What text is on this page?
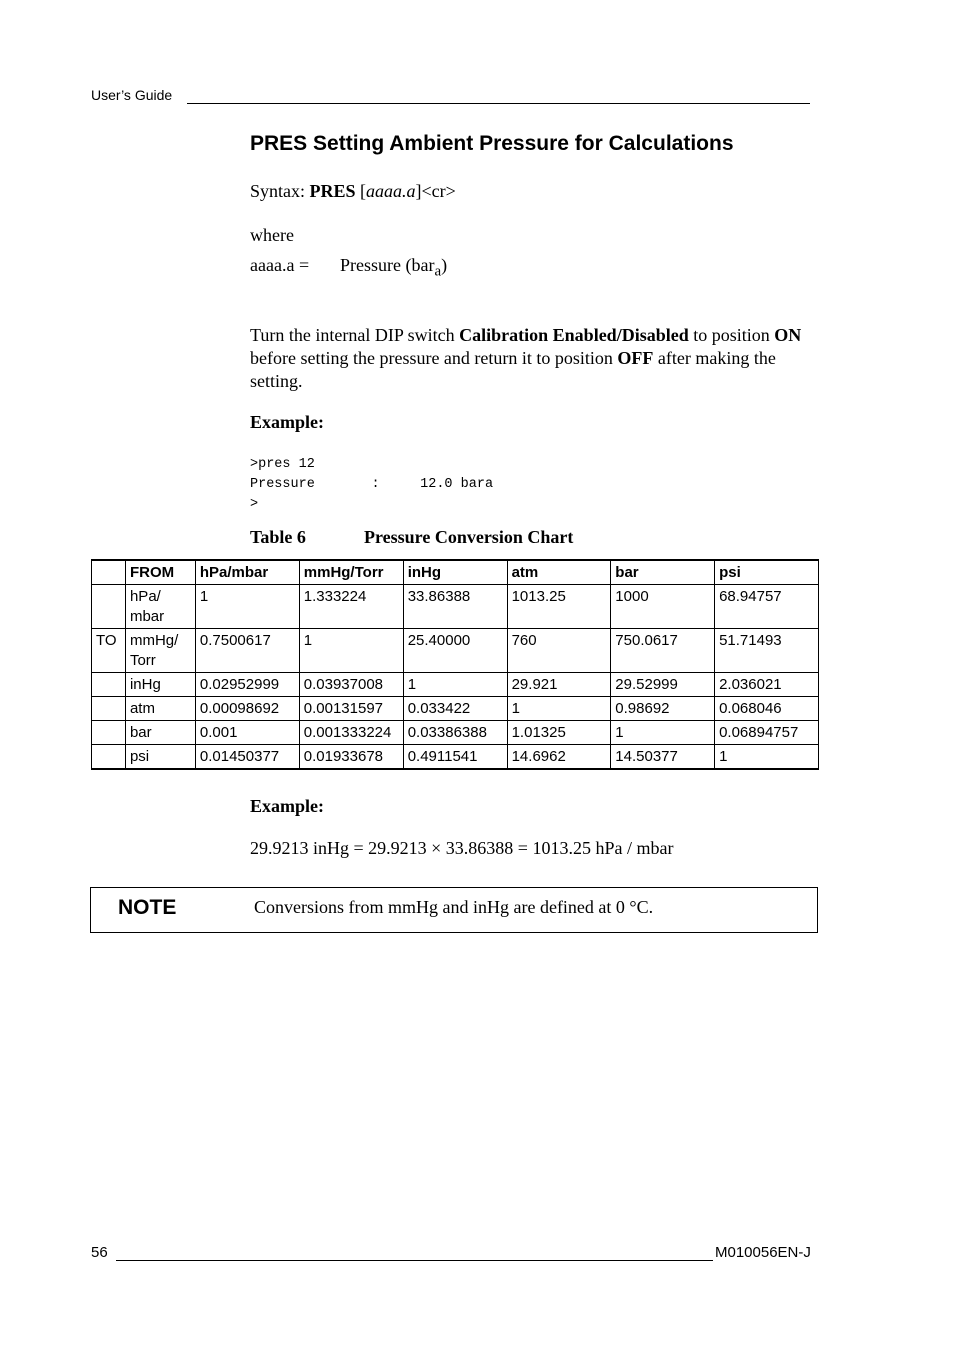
User’s Guide
PRES Setting Ambient Pressure for Calculations
Syntax: PRES [aaaa.a]<cr>
where
aaaa.a = Pressure (bar$_a$)
Turn the internal DIP switch Calibration Enabled/Disabled to position ON before setting the pressure and return it to position OFF after making the setting.
Example:
>pres 12
Pressure       :     12.0 bara
>
Table 6	Pressure Conversion Chart
	FROM	hPa/mbar	mmHg/Torr	inHg	atm	bar	psi
	hPa/
mbar	1	1.333224	33.86388	1013.25	1000	68.94757
TO	mmHg/
Torr	0.7500617	1	25.40000	760	750.0617	51.71493
	inHg	0.02952999	0.03937008	1	29.921	29.52999	2.036021
	atm	0.00098692	0.00131597	0.033422	1	0.98692	0.068046
	bar	0.001	0.001333224	0.03386388	1.01325	1	0.06894757
	psi	0.01450377	0.01933678	0.4911541	14.6962	14.50377	1
Example:
29.9213 inHg = 29.9213 × 33.86388 = 1013.25 hPa / mbar
NOTE	Conversions from mmHg and inHg are defined at 0 °C.
56	M010056EN-J
